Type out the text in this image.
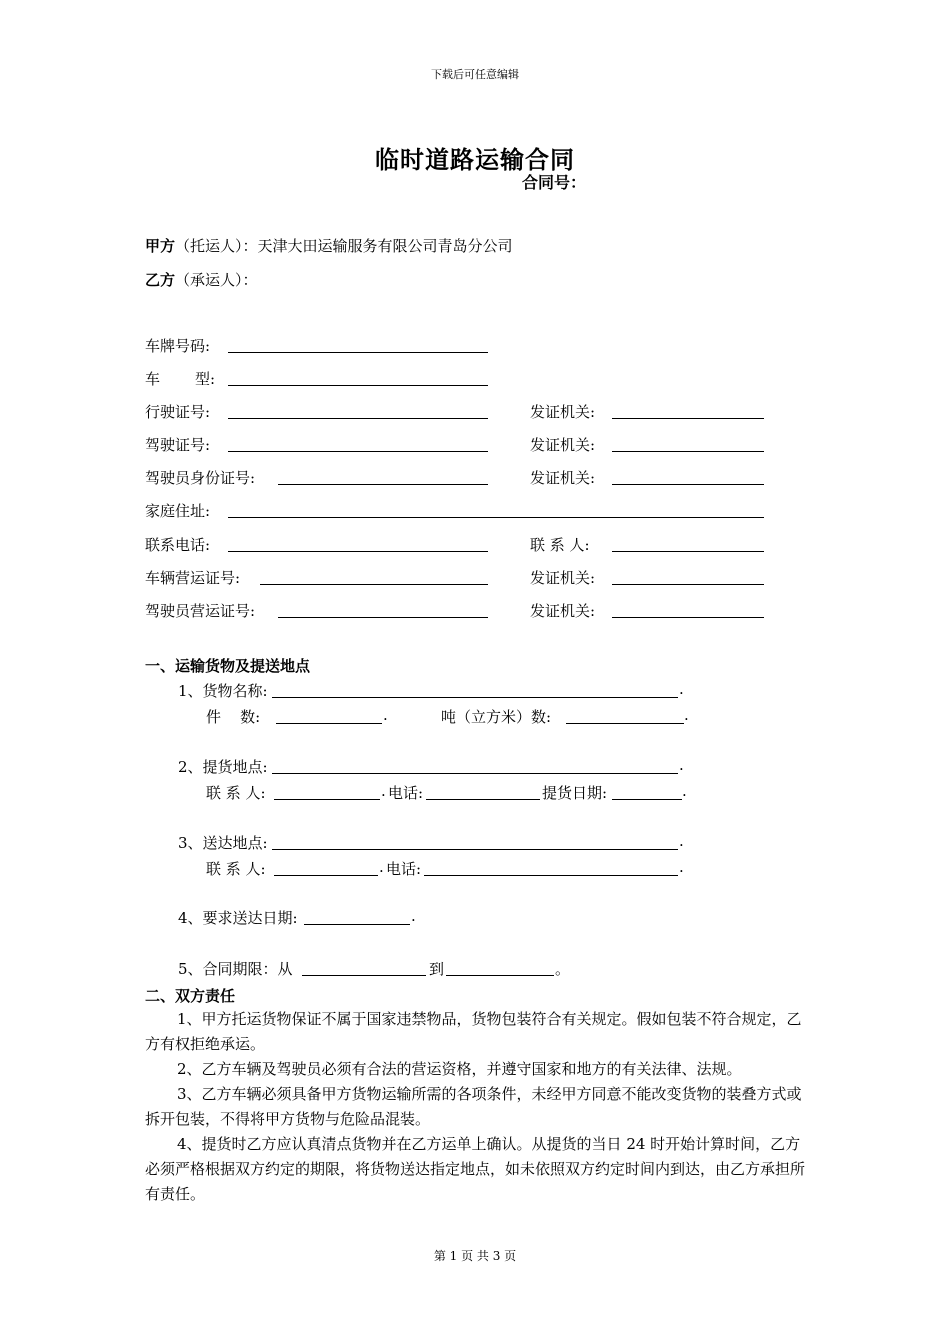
下载后可任意编辑
临时道路运输合同
合同号：
甲方（托运人）：天津大田运输服务有限公司青岛分公司
乙方（承运人）：
车牌号码:
车 型:
行驶证号:	发证机关:
驾驶证号:	发证机关:
驾驶员身份证号:	发证机关:
家庭住址:
联系电话:	联 系 人:
车辆营运证号:	发证机关:
驾驶员营运证号:	发证机关:
一、运输货物及提送地点
1、货物名称:	.
件    数:	.	吨（立方米）数:	.
2、提货地点:	.
联 系 人:	. 电话:	提货日期:	.
3、送达地点:	.
联 系 人:	. 电话:	.
4、要求送达日期:	.
5、合同期限：从	到	。
二、双方责任
1、甲方托运货物保证不属于国家违禁物品，货物包装符合有关规定。假如包装不符合规定，乙方有权拒绝承运。
2、乙方车辆及驾驶员必须有合法的营运资格，并遵守国家和地方的有关法律、法规。
3、乙方车辆必须具备甲方货物运输所需的各项条件，未经甲方同意不能改变货物的装叠方式或拆开包装，不得将甲方货物与危险品混装。
4、提货时乙方应认真清点货物并在乙方运单上确认。从提货的当日 24 时开始计算时间，乙方必须严格根据双方约定的期限，将货物送达指定地点，如未依照双方约定时间内到达，由乙方承担所有责任。
第 1 页 共 3 页
